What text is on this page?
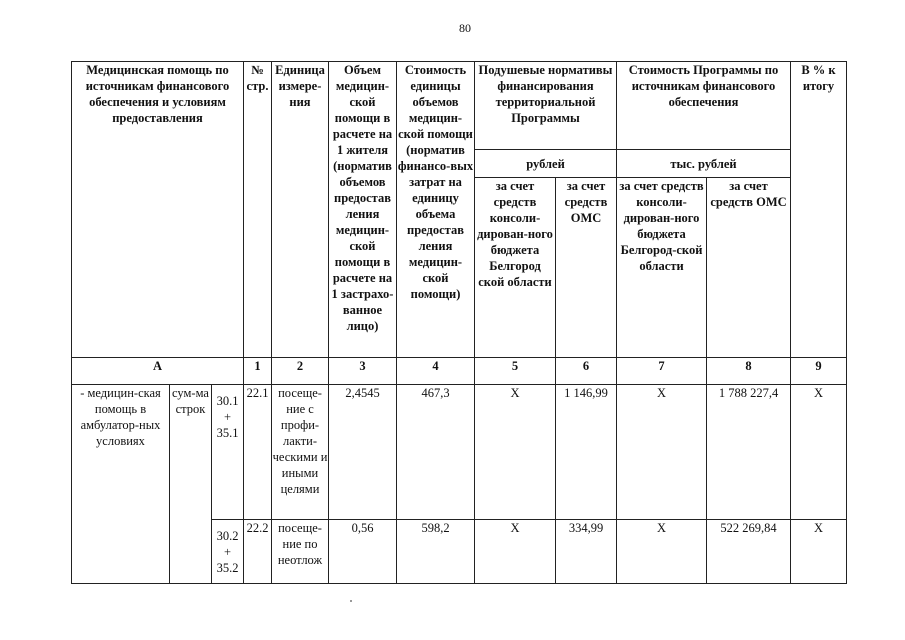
80
Медицинская помощь по источникам финансового обеспечения и условиям предоставления			№ стр.	Единица измере-ния	Объем медицин-ской помощи в расчете на 1 жителя (норматив объемов предостав ления медицин-ской помощи в расчете на 1 застрахо-ванное лицо)	Стоимость единицы объемов медицин-ской помощи (норматив финансо-вых затрат на единицу объема предостав ления медицин-ской помощи)	Подушевые нормативы финансирования территориальной Программы		Стоимость Программы по источникам финансового обеспечения		В % к итогу
							рублей		тыс. рублей		
							за счет средств консоли-дирован-ного бюджета Белгород ской области	за счет средств ОМС	за счет средств консоли-дирован-ного бюджета Белгород-ской области	за счет средств ОМС	
А			1	2	3	4	5	6	7	8	9
- медицин-ская помощь в амбулатор-ных условиях	сум-ма строк	30.1 + 35.1	22.1	посеще-ние с профи-лакти-ческими и иными целями	2,4545	467,3	Х	1 146,99	Х	1 788 227,4	Х
		30.2 + 35.2	22.2	посеще-ние по неотлож	0,56	598,2	Х	334,99	Х	522 269,84	Х
